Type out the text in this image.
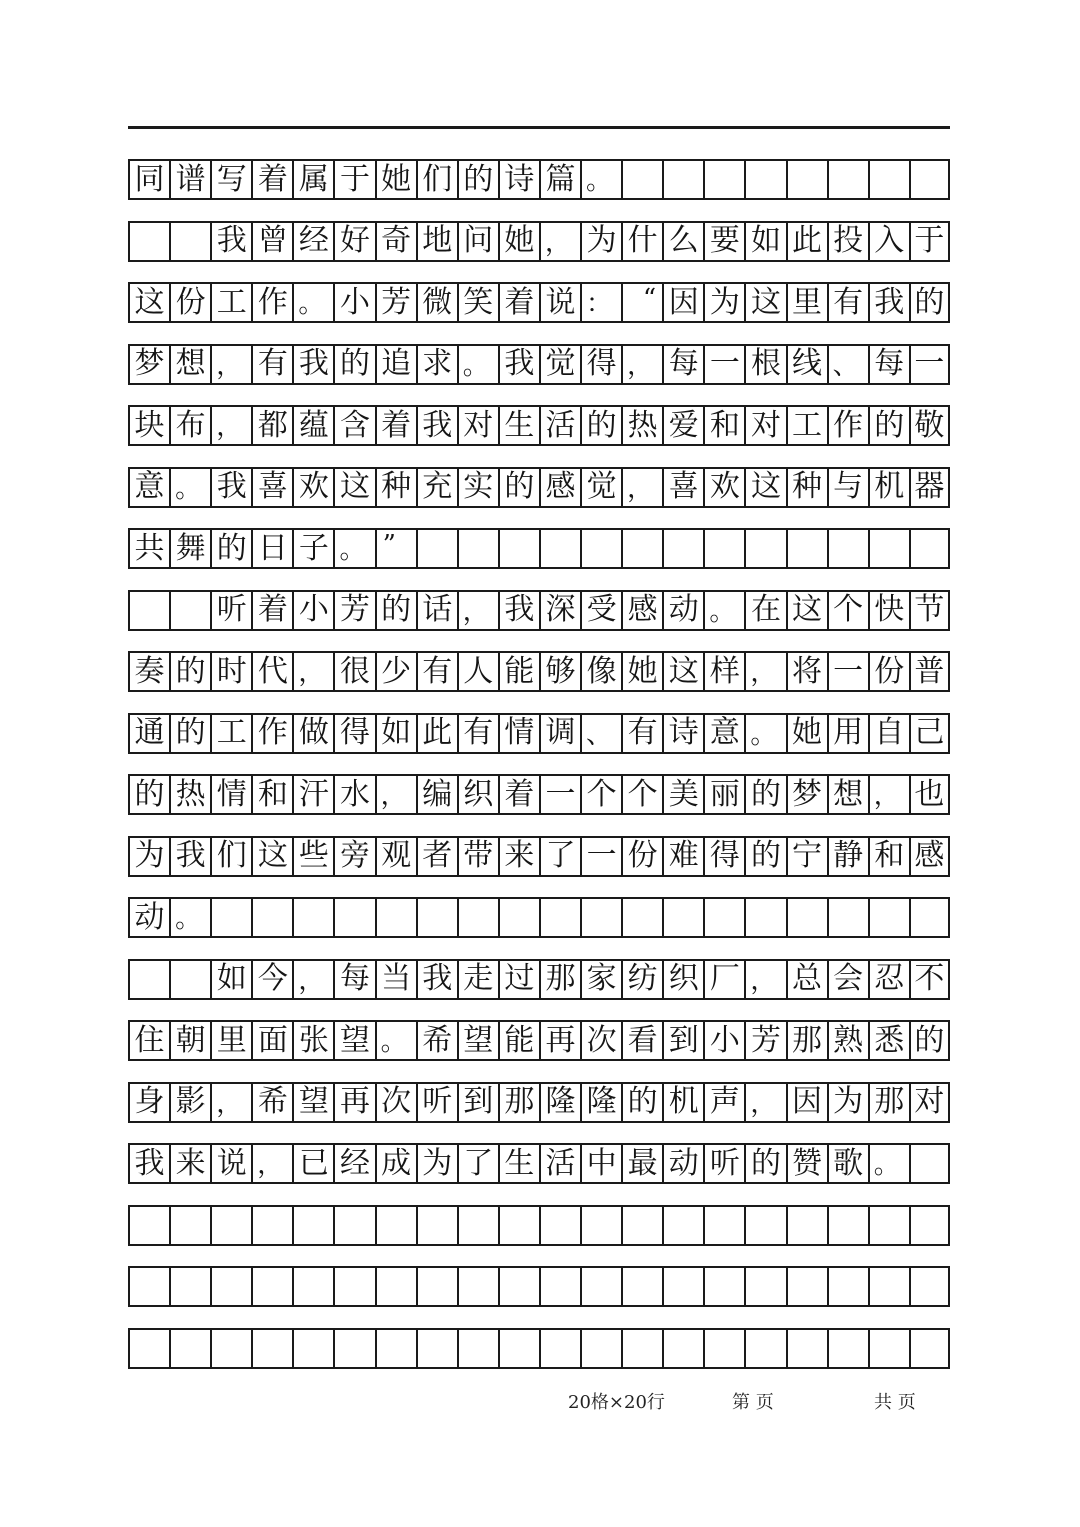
同 谱 写 着 属 于 她 们 的 诗 篇 。
我 曾 经 好 奇 地 问 她 ， 为 什 么 要 如 此 投 入 于
这 份 工 作 。 小 芳 微 笑 着 说 ：	“ 因 为 这 里 有 我 的
梦 想 ， 有 我 的 追 求 。 我 觉 得 ， 每 一 根 线 、 每 一
块 布 ， 都 蕴 含 着 我 对 生 活 的 热 爱 和 对 工 作 的 敬
意 。 我 喜 欢 这 种 充 实 的 感 觉 ， 喜 欢 这 种 与 机 器
共 舞 的 日 子 。 ”
听 着 小 芳 的 话 ， 我 深 受 感 动 。 在 这 个 快 节
奏 的 时 代 ， 很 少 有 人 能 够 像 她 这 样 ， 将 一 份 普
通 的 工 作 做 得 如 此 有 情 调 、 有 诗 意 。 她 用 自 己
的 热 情 和 汗 水 ， 编 织 着 一 个 个 美 丽 的 梦 想 ， 也
为 我 们 这 些 旁 观 者 带 来 了 一 份 难 得 的 宁 静 和 感
动 。
如 今 ， 每 当 我 走 过 那 家 纺 织 厂 ， 总 会 忍 不
住 朝 里 面 张 望 。 希 望 能 再 次 看 到 小 芳 那 熟 悉 的
身 影 ， 希 望 再 次 听 到 那 隆 隆 的 机 声 ， 因 为 那 对
我 来 说 ， 已 经 成 为 了 生 活 中 最 动 听 的 赞 歌 。
20格×20行	第 页	共 页
